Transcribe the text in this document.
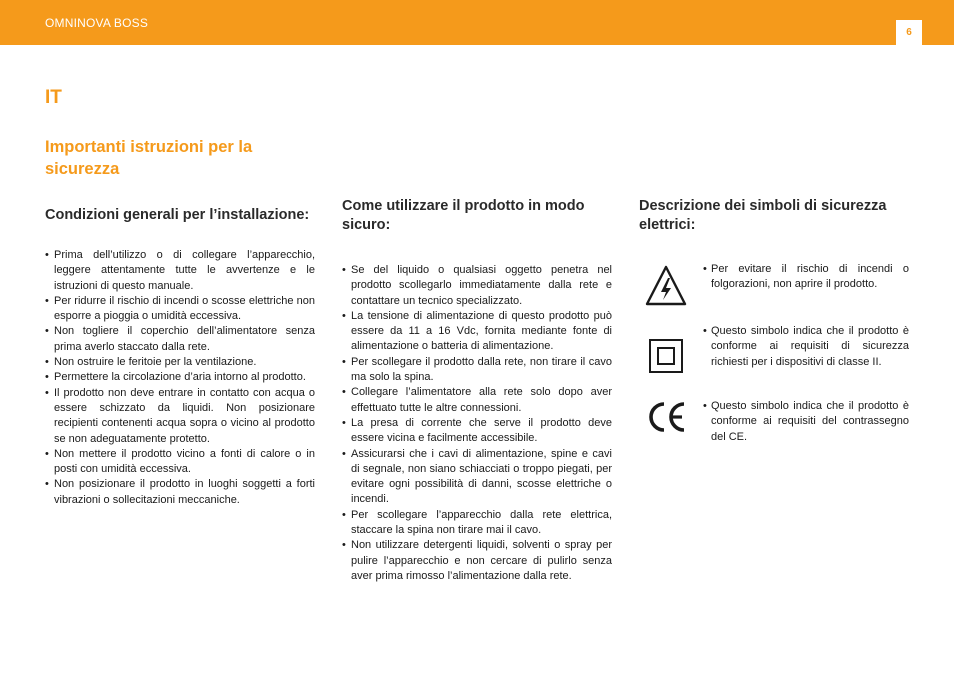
OMNINOVA BOSS
6
IT
Importanti istruzioni per la sicurezza
Condizioni generali per l’installazione:
• Prima dell’utilizzo o di collegare l’apparecchio, leggere attentamente tutte le avvertenze e le istruzioni di questo manuale.
• Per ridurre il rischio di incendi o scosse elettriche non esporre a pioggia o umidità eccessiva.
• Non togliere il coperchio dell’alimentatore senza prima averlo staccato dalla rete.
• Non ostruire le feritoie per la ventilazione.
• Permettere la circolazione d’aria intorno al prodotto.
• Il prodotto non deve entrare in contatto con acqua o essere schizzato da liquidi. Non posizionare recipienti contenenti acqua sopra o vicino al prodotto se non adeguatamente protetto.
• Non mettere il prodotto vicino a fonti di calore o in posti con umidità eccessiva.
• Non posizionare il prodotto in luoghi soggetti a forti vibrazioni o sollecitazioni meccaniche.
Come utilizzare il prodotto in modo sicuro:
• Se del liquido o qualsiasi oggetto penetra nel prodotto scollegarlo immediatamente dalla rete e contattare un tecnico specializzato.
• La tensione di alimentazione di questo prodotto può essere da 11 a 16 Vdc, fornita mediante fonte di alimentazione o batteria di alimentazione.
• Per scollegare il prodotto dalla rete, non tirare il cavo ma solo la spina.
• Collegare l’alimentatore alla rete solo dopo aver effettuato tutte le altre connessioni.
• La presa di corrente che serve il prodotto deve essere vicina e facilmente accessibile.
• Assicurarsi che i cavi di alimentazione, spine e cavi di segnale, non siano schiacciati o troppo piegati, per evitare ogni possibilità di danni, scosse elettriche o incendi.
• Per scollegare l’apparecchio dalla rete elettrica, staccare la spina non tirare mai il cavo.
• Non utilizzare detergenti liquidi, solventi o spray per pulire l’apparecchio e non cercare di pulirlo senza aver prima rimosso l’alimentazione dalla rete.
Descrizione dei simboli di sicurezza elettrici:
• Per evitare il rischio di incendi o folgorazioni, non aprire il prodotto.
• Questo simbolo indica che il prodotto è conforme ai requisiti di sicurezza richiesti per i dispositivi di classe II.
• Questo simbolo indica che il prodotto è conforme ai requisiti del contrassegno del CE.
